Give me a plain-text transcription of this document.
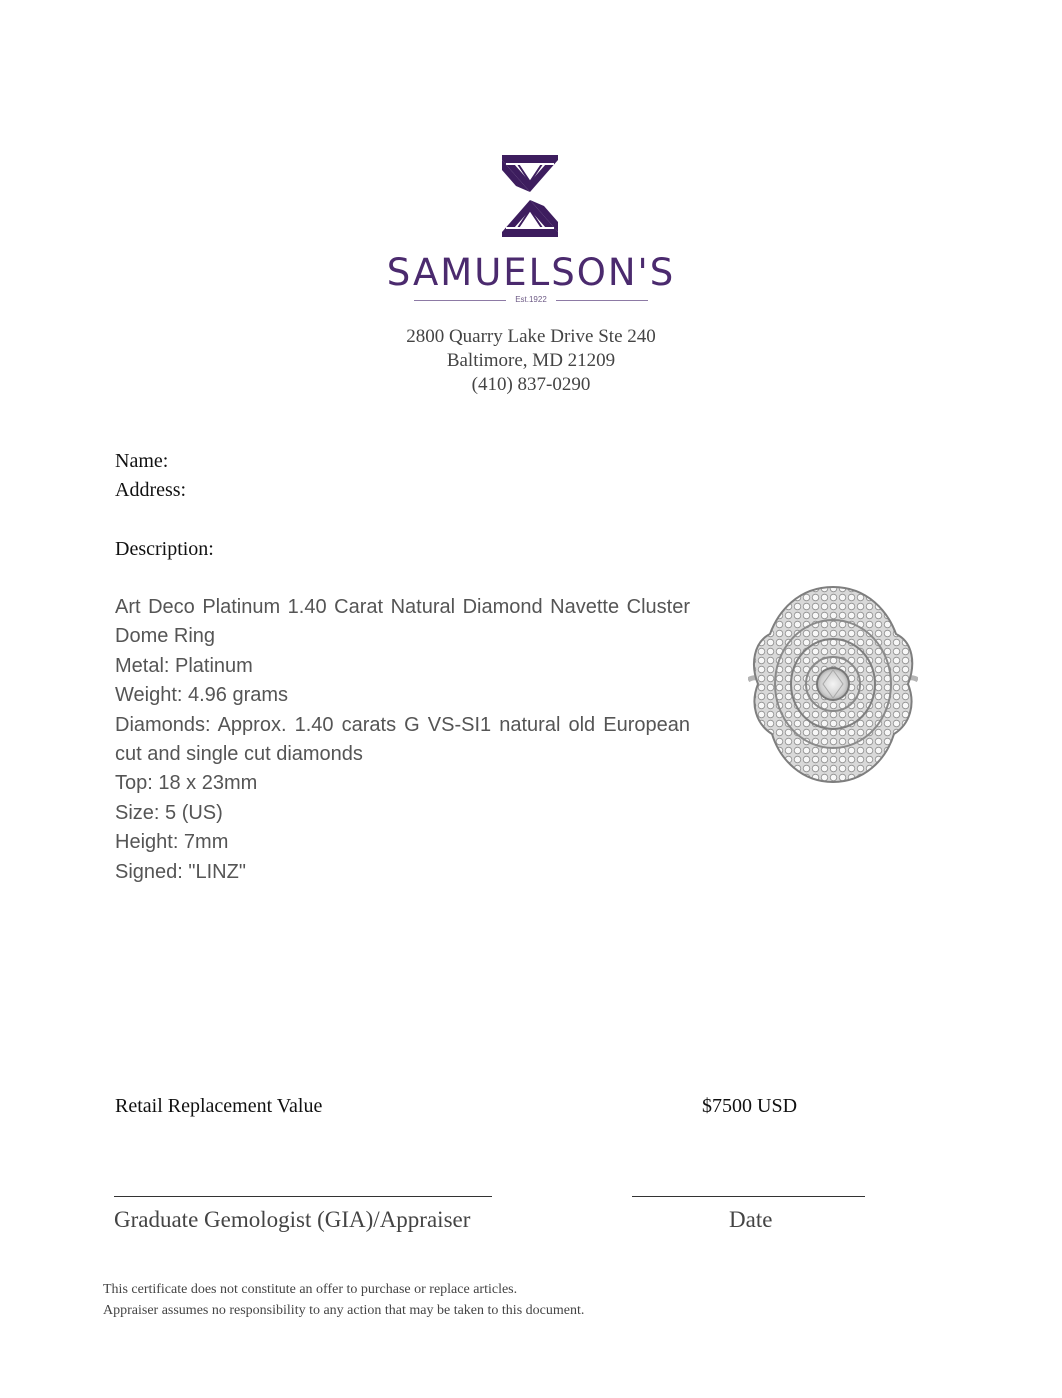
SAMUELSON'S
Est.1922
2800 Quarry Lake Drive Ste 240
Baltimore, MD 21209
(410) 837-0290
Name:
Address:
Description:
Art Deco Platinum 1.40 Carat Natural Diamond Navette Cluster Dome Ring
Metal: Platinum
Weight: 4.96 grams
Diamonds: Approx. 1.40 carats G VS-SI1 natural old European cut and single cut diamonds
Top: 18 x 23mm
Size: 5 (US)
Height: 7mm
Signed: "LINZ"
Retail Replacement Value	$7500 USD
Graduate Gemologist (GIA)/Appraiser	Date
This certificate does not constitute an offer to purchase or replace articles.
Appraiser assumes no responsibility to any action that may be taken to this document.
